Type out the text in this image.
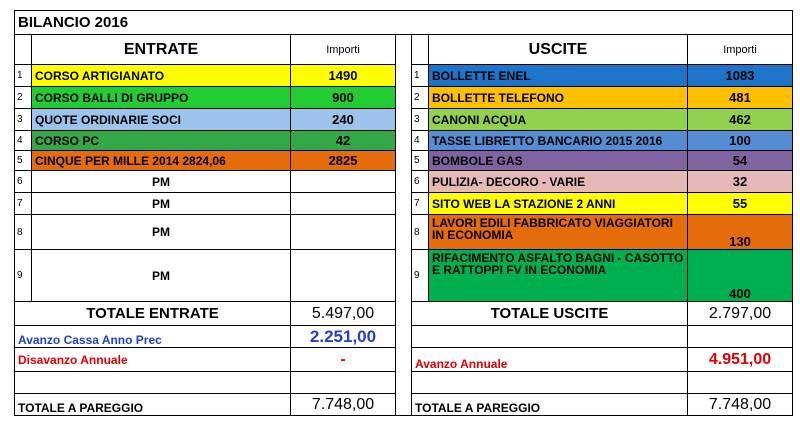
BILANCIO 2016						
	ENTRATE	Importi			USCITE	Importi
1	CORSO ARTIGIANATO	1490		1	BOLLETTE ENEL	1083
2	CORSO BALLI DI GRUPPO	900		2	BOLLETTE TELEFONO	481
3	QUOTE ORDINARIE SOCI	240		3	CANONI ACQUA	462
4	CORSO PC	42		4	TASSE LIBRETTO BANCARIO 2015 2016	100
5	CINQUE PER MILLE 2014 2824,06	2825		5	BOMBOLE GAS	54
6	PM			6	PULIZIA- DECORO - VARIE	32
7	PM			7	SITO WEB LA STAZIONE 2 ANNI	55
8	PM			8	LAVORI EDILI FABBRICATO VIAGGIATORI IN ECONOMIA	130
9	PM			9	RIFACIMENTO ASFALTO BAGNI - CASOTTO E RATTOPPI FV IN ECONOMIA	400
TOTALE ENTRATE		5.497,00		TOTALE USCITE		2.797,00
Avanzo Cassa Anno Prec		2.251,00				
Disavanzo Annuale		-		Avanzo Annuale		4.951,00

TOTALE A PAREGGIO		7.748,00		TOTALE A PAREGGIO		7.748,00
